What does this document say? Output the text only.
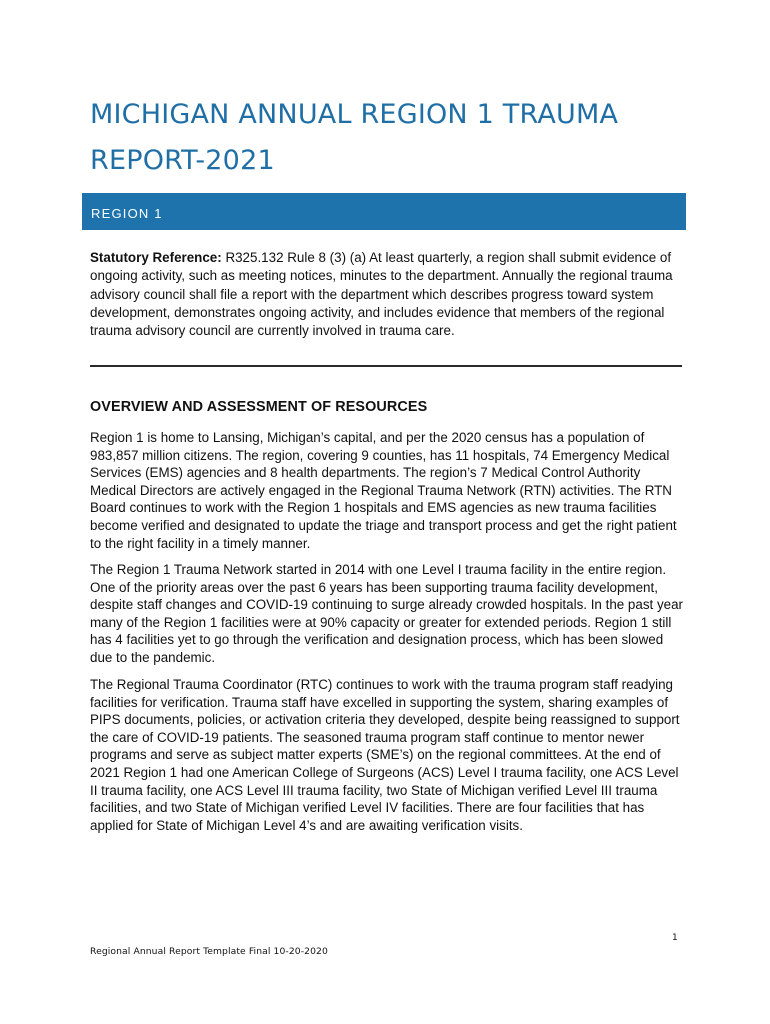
MICHIGAN ANNUAL REGION 1 TRAUMA REPORT-2021
REGION 1

Statutory Reference: R325.132 Rule 8 (3) (a) At least quarterly, a region shall submit evidence of ongoing activity, such as meeting notices, minutes to the department. Annually the regional trauma advisory council shall file a report with the department which describes progress toward system development, demonstrates ongoing activity, and includes evidence that members of the regional trauma advisory council are currently involved in trauma care.

OVERVIEW AND ASSESSMENT OF RESOURCES

Region 1 is home to Lansing, Michigan’s capital, and per the 2020 census has a population of 983,857 million citizens. The region, covering 9 counties, has 11 hospitals, 74 Emergency Medical Services (EMS) agencies and 8 health departments. The region’s 7 Medical Control Authority Medical Directors are actively engaged in the Regional Trauma Network (RTN) activities. The RTN Board continues to work with the Region 1 hospitals and EMS agencies as new trauma facilities become verified and designated to update the triage and transport process and get the right patient to the right facility in a timely manner.

The Region 1 Trauma Network started in 2014 with one Level I trauma facility in the entire region. One of the priority areas over the past 6 years has been supporting trauma facility development, despite staff changes and COVID-19 continuing to surge already crowded hospitals. In the past year many of the Region 1 facilities were at 90% capacity or greater for extended periods. Region 1 still has 4 facilities yet to go through the verification and designation process, which has been slowed due to the pandemic.

The Regional Trauma Coordinator (RTC) continues to work with the trauma program staff readying facilities for verification. Trauma staff have excelled in supporting the system, sharing examples of PIPS documents, policies, or activation criteria they developed, despite being reassigned to support the care of COVID-19 patients. The seasoned trauma program staff continue to mentor newer programs and serve as subject matter experts (SME’s) on the regional committees. At the end of 2021 Region 1 had one American College of Surgeons (ACS) Level I trauma facility, one ACS Level II trauma facility, one ACS Level III trauma facility, two State of Michigan verified Level III trauma facilities, and two State of Michigan verified Level IV facilities. There are four facilities that has applied for State of Michigan Level 4’s and are awaiting verification visits.

1
Regional Annual Report Template Final 10-20-2020
